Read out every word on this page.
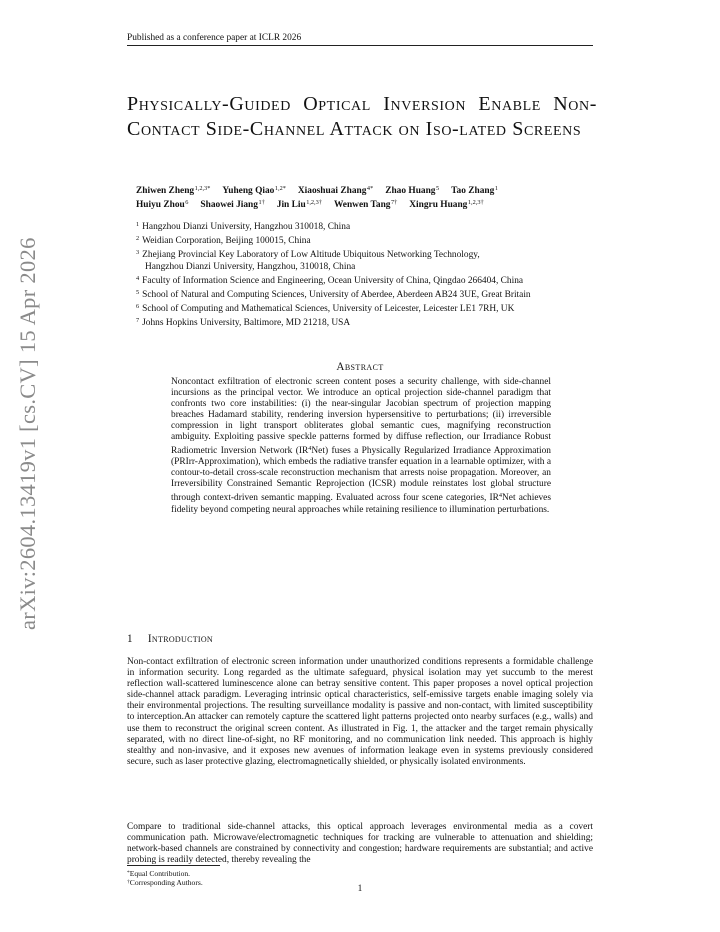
Published as a conference paper at ICLR 2026
arXiv:2604.13419v1 [cs.CV] 15 Apr 2026
Physically-Guided Optical Inversion Enable Non-Contact Side-Channel Attack on Iso-lated Screens
Zhiwen Zheng$^{1,2,3*}$ Yuheng Qiao$^{1,2*}$ Xiaoshuai Zhang$^{4*}$ Zhao Huang$^5$ Tao Zhang$^1$
Huiyu Zhou$^6$ Shaowei Jiang$^{1\dagger}$ Jin Liu$^{1,2,3\dagger}$ Wenwen Tang$^{7\dagger}$ Xingru Huang$^{1,2,3\dagger}$
$^1$ Hangzhou Dianzi University, Hangzhou 310018, China
$^2$ Weidian Corporation, Beijing 100015, China
$^3$ Zhejiang Provincial Key Laboratory of Low Altitude Ubiquitous Networking Technology,
Hangzhou Dianzi University, Hangzhou, 310018, China
$^4$ Faculty of Information Science and Engineering, Ocean University of China, Qingdao 266404, China
$^5$ School of Natural and Computing Sciences, University of Aberdee, Aberdeen AB24 3UE, Great Britain
$^6$ School of Computing and Mathematical Sciences, University of Leicester, Leicester LE1 7RH, UK
$^7$ Johns Hopkins University, Baltimore, MD 21218, USA
Abstract
Noncontact exfiltration of electronic screen content poses a security challenge, with side-channel incursions as the principal vector. We introduce an optical projection side-channel paradigm that confronts two core instabilities: (i) the near-singular Jacobian spectrum of projection mapping breaches Hadamard stability, rendering inversion hypersensitive to perturbations; (ii) irreversible compression in light transport obliterates global semantic cues, magnifying reconstruction ambiguity. Exploiting passive speckle patterns formed by diffuse reflection, our Irradiance Robust Radiometric Inversion Network $(IR^4Net)$ fuses a Physically Regularized Irradiance Approximation (PRIrr-Approximation), which embeds the radiative transfer equation in a learnable optimizer, with a contour-to-detail cross-scale reconstruction mechanism that arrests noise propagation. Moreover, an Irreversibility Constrained Semantic Reprojection (ICSR) module reinstates lost global structure through context-driven semantic mapping. Evaluated across four scene categories, $IR^4Net$ achieves fidelity beyond competing neural approaches while retaining resilience to illumination perturbations.
1 Introduction
Non-contact exfiltration of electronic screen information under unauthorized conditions represents a formidable challenge in information security. Long regarded as the ultimate safeguard, physical isolation may yet succumb to the merest reflection wall-scattered luminescence alone can betray sensitive content. This paper proposes a novel optical projection side-channel attack paradigm. Leveraging intrinsic optical characteristics, self-emissive targets enable imaging solely via their environmental projections. The resulting surveillance modality is passive and non-contact, with limited susceptibility to interception.An attacker can remotely capture the scattered light patterns projected onto nearby surfaces (e.g., walls) and use them to reconstruct the original screen content. As illustrated in Fig. 1, the attacker and the target remain physically separated, with no direct line-of-sight, no RF monitoring, and no communication link needed. This approach is highly stealthy and non-invasive, and it exposes new avenues of information leakage even in systems previously considered secure, such as laser protective glazing, electromagnetically shielded, or physically isolated environments.
Compare to traditional side-channel attacks, this optical approach leverages environmental media as a covert communication path. Microwave/electromagnetic techniques for tracking are vulnerable to attenuation and shielding; network-based channels are constrained by connectivity and congestion; hardware requirements are substantial; and active probing is readily detected, thereby revealing the
*Equal Contribution.
†Corresponding Authors.
1
